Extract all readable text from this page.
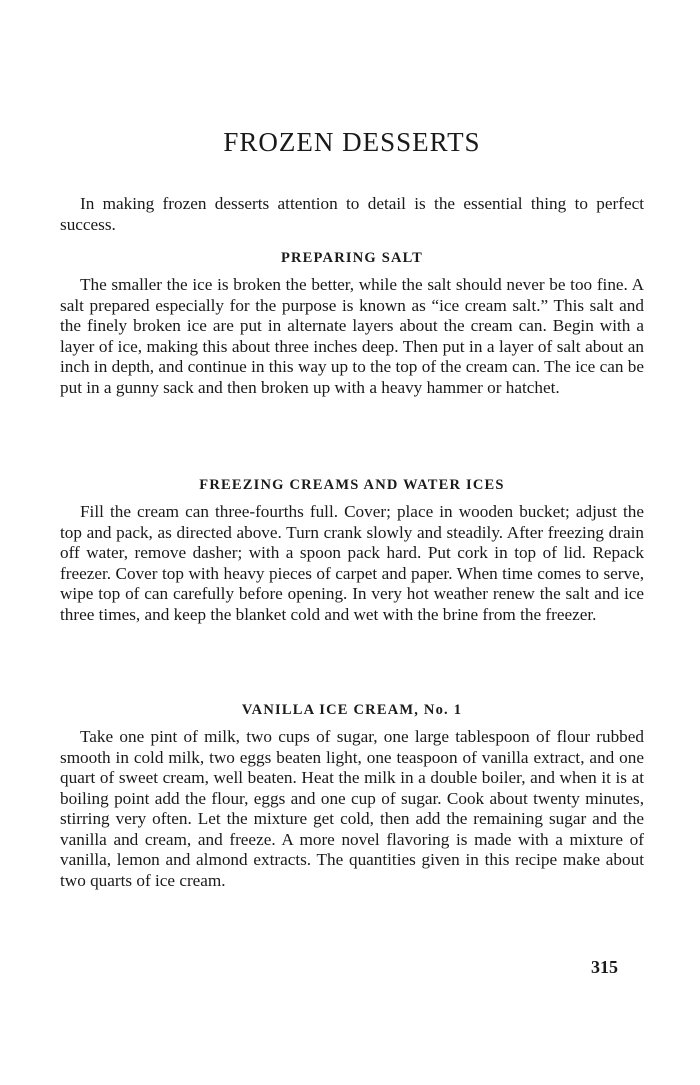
FROZEN DESSERTS

In making frozen desserts attention to detail is the essential thing to perfect success.

PREPARING SALT

The smaller the ice is broken the better, while the salt should never be too fine. A salt prepared especially for the purpose is known as “ice cream salt.” This salt and the finely broken ice are put in alternate layers about the cream can. Begin with a layer of ice, making this about three inches deep. Then put in a layer of salt about an inch in depth, and continue in this way up to the top of the cream can. The ice can be put in a gunny sack and then broken up with a heavy hammer or hatchet.

FREEZING CREAMS AND WATER ICES

Fill the cream can three-fourths full. Cover; place in wooden bucket; adjust the top and pack, as directed above. Turn crank slowly and steadily. After freezing drain off water, remove dasher; with a spoon pack hard. Put cork in top of lid. Repack freezer. Cover top with heavy pieces of carpet and paper. When time comes to serve, wipe top of can carefully before opening. In very hot weather renew the salt and ice three times, and keep the blanket cold and wet with the brine from the freezer.

VANILLA ICE CREAM, No. 1

Take one pint of milk, two cups of sugar, one large tablespoon of flour rubbed smooth in cold milk, two eggs beaten light, one teaspoon of vanilla extract, and one quart of sweet cream, well beaten. Heat the milk in a double boiler, and when it is at boiling point add the flour, eggs and one cup of sugar. Cook about twenty minutes, stirring very often. Let the mixture get cold, then add the remaining sugar and the vanilla and cream, and freeze. A more novel flavoring is made with a mixture of vanilla, lemon and almond extracts. The quantities given in this recipe make about two quarts of ice cream.

315
